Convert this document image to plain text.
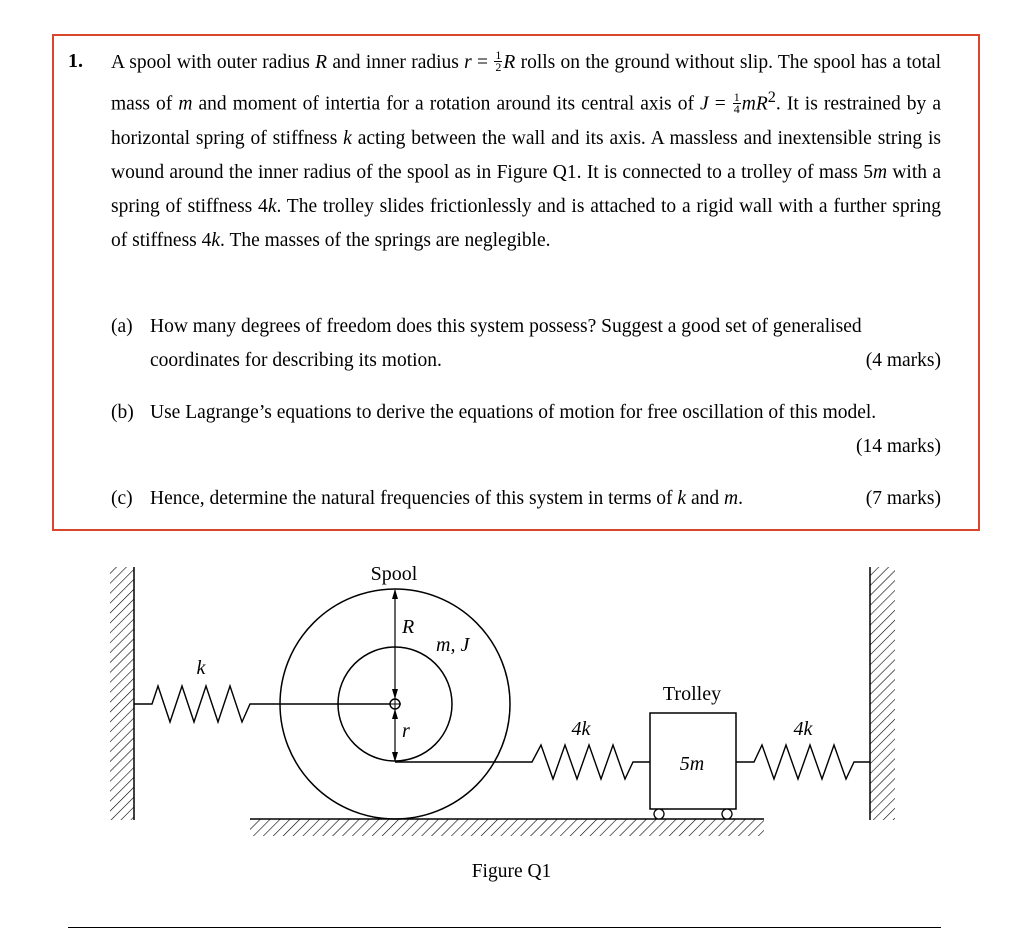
1. A spool with outer radius R and inner radius $r = \frac{1}{2}$ R rolls on the ground without slip. The spool has a total mass of m and moment of intertia for a rotation around its central axis of $J = \frac{1}{4} mR^2$. It is restrained by a horizontal spring of stiffness k acting between the wall and its axis. A massless and inextensible string is wound around the inner radius of the spool as in Figure Q1. It is connected to a trolley of mass 5m with a spring of stiffness 4k. The trolley slides frictionlessly and is attached to a rigid wall with a further spring of stiffness 4k. The masses of the springs are neglegible.
(a) How many degrees of freedom does this system possess? Suggest a good set of generalised
coordinates for describing its motion.	(4 marks)
(b) Use Lagrange’s equations to derive the equations of motion for free oscillation of this model.
(14 marks)
(c) Hence, determine the natural frequencies of this system in terms of k and m.	(7 marks)
Spool
R
m, J
r
k
4k
Trolley
5m
4k
Figure Q1
